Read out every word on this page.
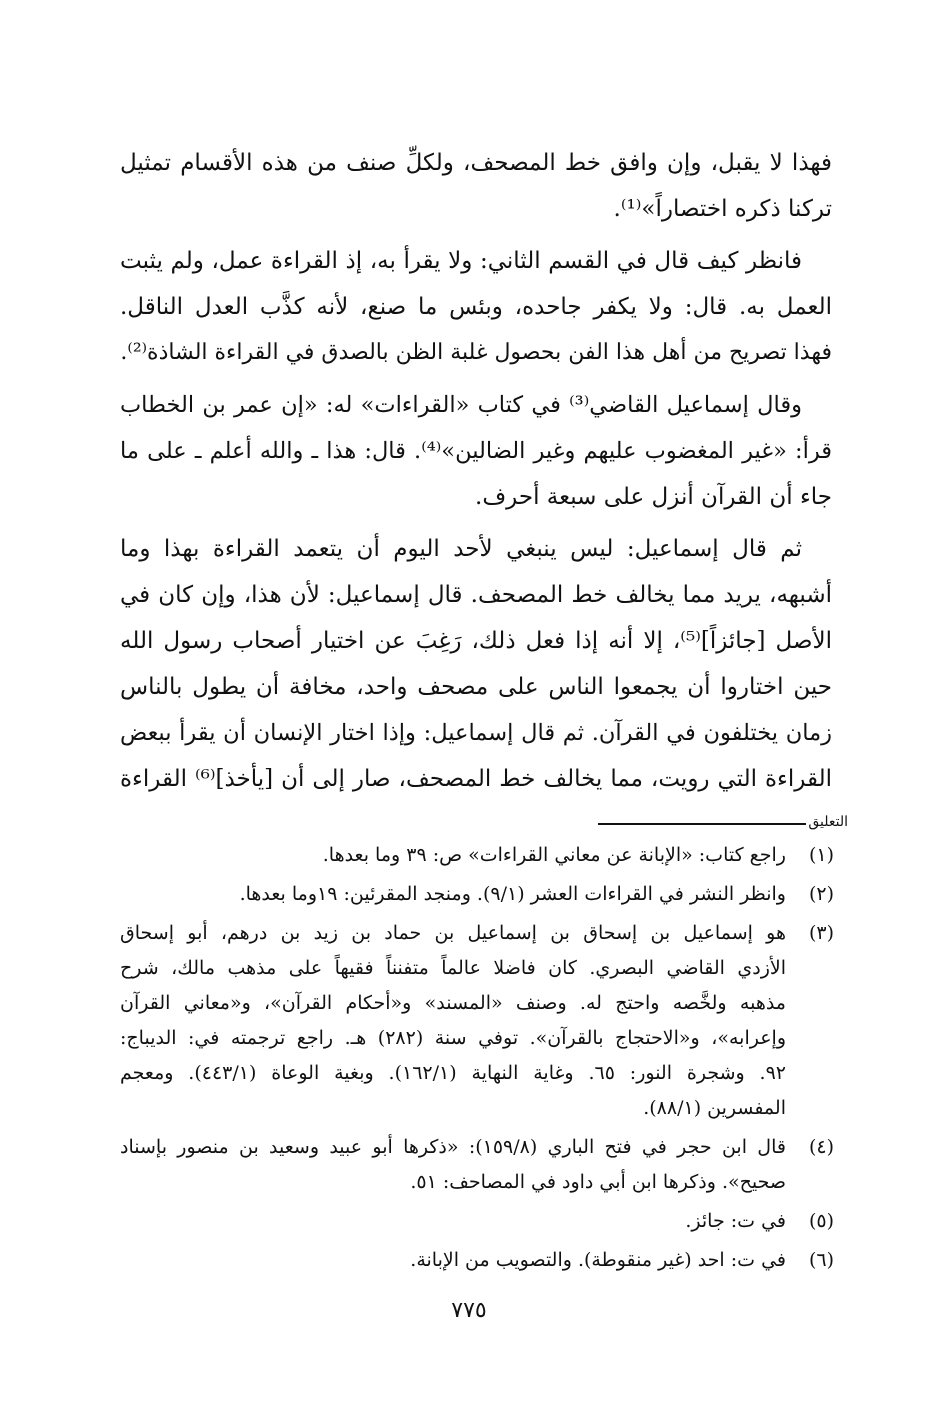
فهذا لا يقبل، وإن وافق خط المصحف، ولكلِّ صنف من هذه الأقسام تمثيل
تركنا ذكره اختصاراً»⁽¹⁾.
فانظر كيف قال في القسم الثاني: ولا يقرأ به، إذ القراءة عمل، ولم يثبت
العمل به. قال: ولا يكفر جاحده، وبئس ما صنع، لأنه كذَّب العدل الناقل.
فهذا تصريح من أهل هذا الفن بحصول غلبة الظن بالصدق في القراءة الشاذة⁽²⁾.
وقال إسماعيل القاضي⁽³⁾ في كتاب «القراءات» له: «إن عمر بن الخطاب
قرأ: «غير المغضوب عليهم وغير الضالين»⁽⁴⁾. قال: هذا ـ والله أعلم ـ على ما
جاء أن القرآن أنزل على سبعة أحرف.
ثم قال إسماعيل: ليس ينبغي لأحد اليوم أن يتعمد القراءة بهذا وما
أشبهه، يريد مما يخالف خط المصحف. قال إسماعيل: لأن هذا، وإن كان في
الأصل [جائزاً]⁽⁵⁾، إلا أنه إذا فعل ذلك، رَغِبَ عن اختيار أصحاب رسول الله
حين اختاروا أن يجمعوا الناس على مصحف واحد، مخافة أن يطول بالناس
زمان يختلفون في القرآن. ثم قال إسماعيل: وإذا اختار الإنسان أن يقرأ ببعض
القراءة التي رويت، مما يخالف خط المصحف، صار إلى أن [يأخذ]⁽⁶⁾ القراءة
التعليق
(١)
راجع كتاب: «الإبانة عن معاني القراءات» ص: ٣٩ وما بعدها.
(٢)
وانظر النشر في القراءات العشر (٩/١). ومنجد المقرئين: ١٩وما بعدها.
(٣)
هو إسماعيل بن إسحاق بن إسماعيل بن حماد بن زيد بن درهم، أبو إسحاق
الأزدي القاضي البصري. كان فاضلا عالماً متفنناً فقيهاً على مذهب مالك، شرح
مذهبه ولخَّصه واحتج له. وصنف «المسند» و«أحكام القرآن»، و«معاني القرآن
وإعرابه»، و«الاحتجاج بالقرآن». توفي سنة (٢٨٢) هـ. راجع ترجمته في: الديباج:
٩٢. وشجرة النور: ٦٥. وغاية النهاية (١٦٢/١). وبغية الوعاة (٤٤٣/١). ومعجم
المفسرين (٨٨/١).
(٤)
قال ابن حجر في فتح الباري (١٥٩/٨): «ذكرها أبو عبيد وسعيد بن منصور بإسناد
صحيح». وذكرها ابن أبي داود في المصاحف: ٥١.
(٥)
في ت: جائز.
(٦)
في ت: احد (غير منقوطة). والتصويب من الإبانة.
٧٧٥
